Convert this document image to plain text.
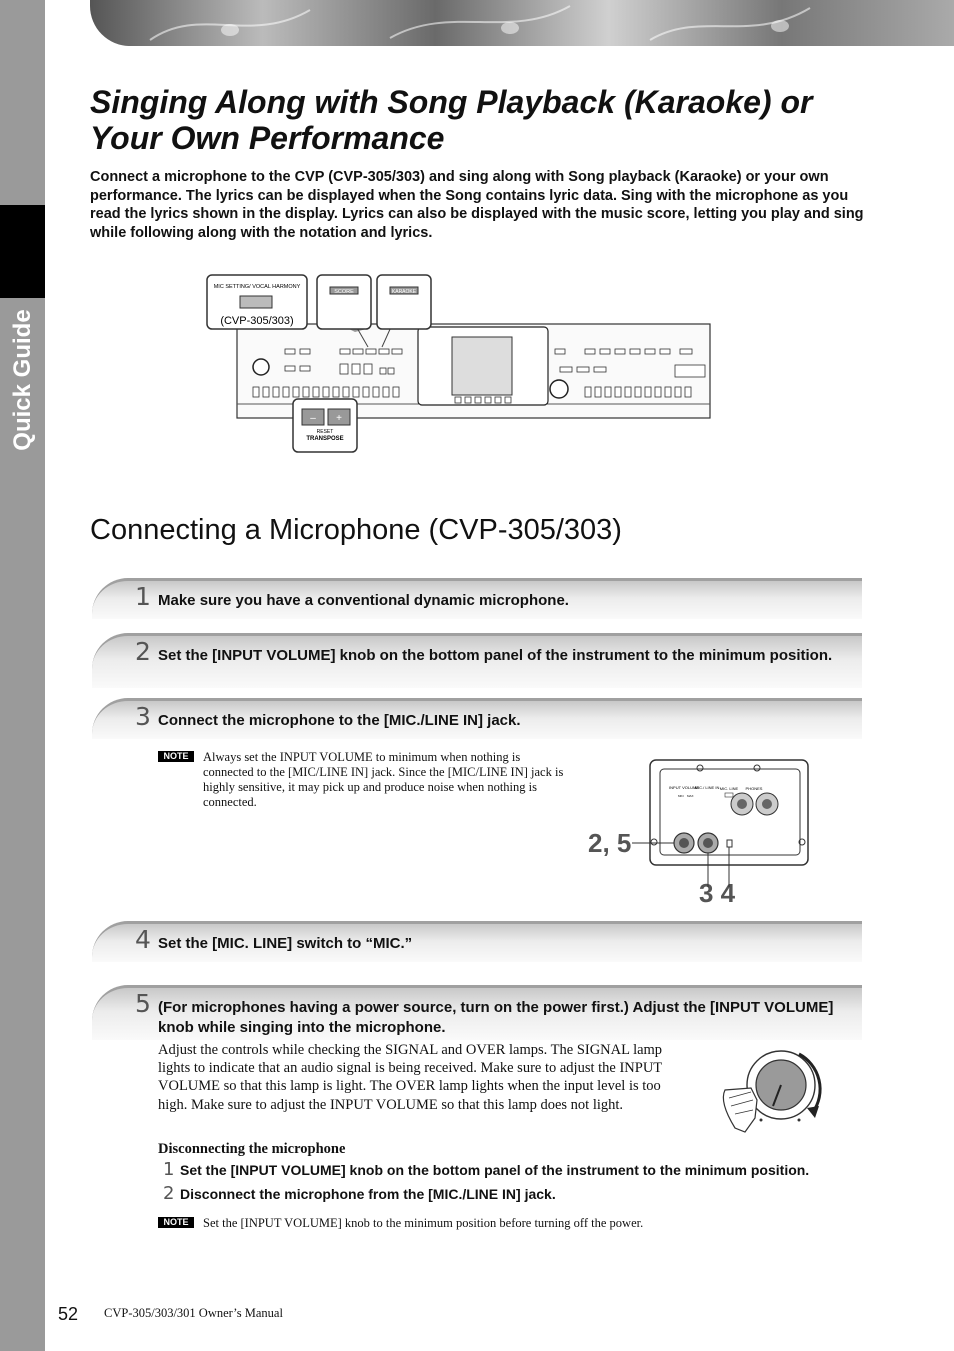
Quick Guide
Singing Along with Song Playback (Karaoke) or Your Own Performance

Connect a microphone to the CVP (CVP-305/303) and sing along with Song playback (Karaoke) or your own performance. The lyrics can be displayed when the Song contains lyric data. Sing with the microphone as you read the lyrics shown in the display. Lyrics can also be displayed with the music score, letting you play and sing while following along with the notation and lyrics.

MIC SETTING/ VOCAL HARMONY
(CVP-305/303)
SCORE	KARAOKE
– +
RESET
TRANSPOSE
Connecting a Microphone (CVP-305/303)
1 Make sure you have a conventional dynamic microphone.
2 Set the [INPUT VOLUME] knob on the bottom panel of the instrument to the minimum position.
3 Connect the microphone to the [MIC./LINE IN] jack.
NOTE	Always set the INPUT VOLUME to minimum when nothing is connected to the [MIC/LINE IN] jack. Since the [MIC/LINE IN] jack is highly sensitive, it may pick up and produce noise when nothing is connected.
2, 5
3 4
INPUT VOLUME
MIC./ LINE IN MIC. LINE PHONES
MIN MAX
4 Set the [MIC. LINE] switch to “MIC.”
5 (For microphones having a power source, turn on the power first.) Adjust the [INPUT VOLUME] knob while singing into the microphone.

Adjust the controls while checking the SIGNAL and OVER lamps. The SIGNAL lamp lights to indicate that an audio signal is being received. Make sure to adjust the INPUT VOLUME so that this lamp is light. The OVER lamp lights when the input level is too high. Make sure to adjust the INPUT VOLUME so that this lamp does not light.

Disconnecting the microphone
1 Set the [INPUT VOLUME] knob on the bottom panel of the instrument to the minimum position.
2 Disconnect the microphone from the [MIC./LINE IN] jack.
NOTE	Set the [INPUT VOLUME] knob to the minimum position before turning off the power.
52 CVP-305/303/301 Owner’s Manual
